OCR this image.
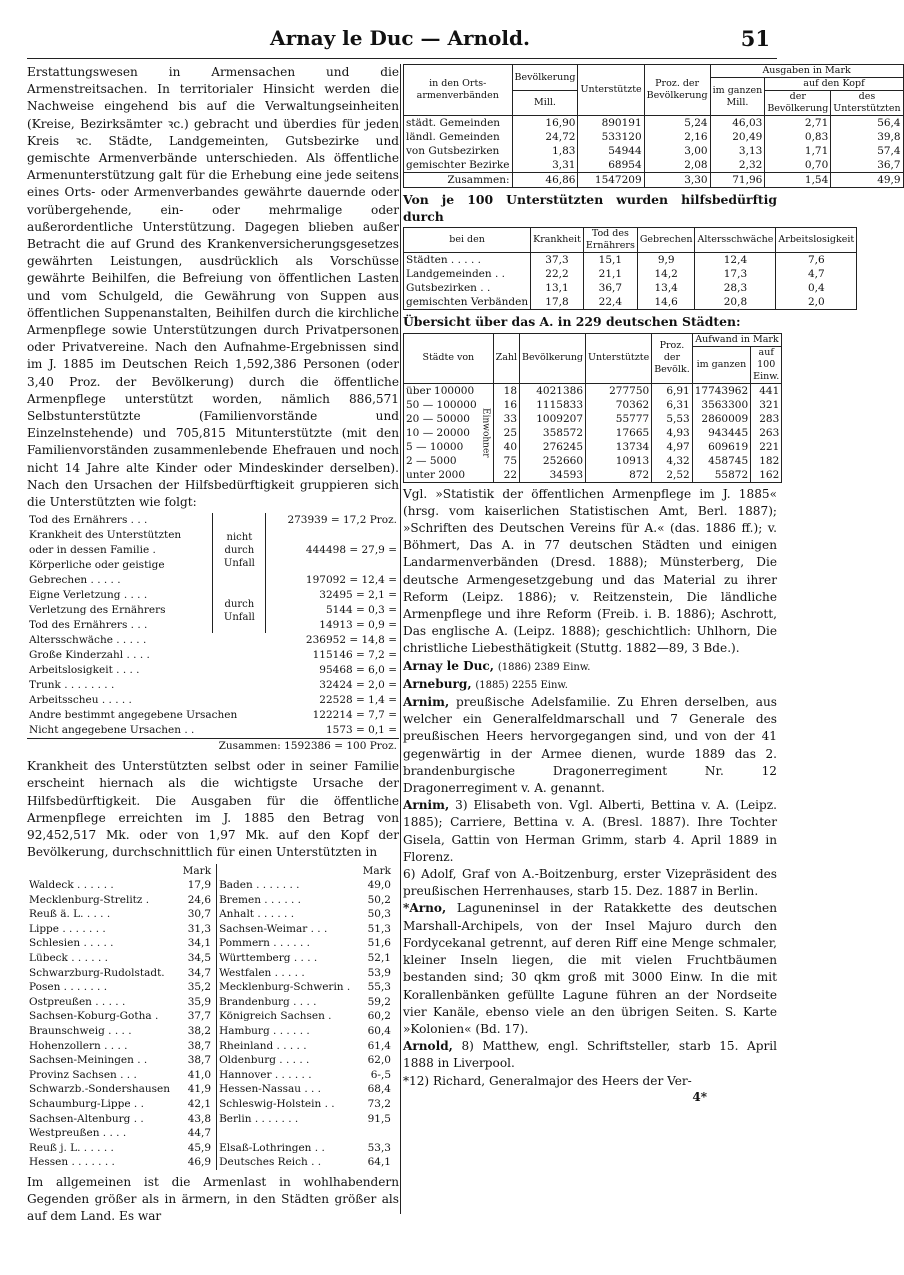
Arnay le Duc — Arnold.	51

Erstattungswesen in Armensachen und die Armenstreitsachen. In territorialer Hinsicht werden die Nachweise eingehend bis auf die Verwaltungseinheiten (Kreise, Bezirksämter ꝛc.) gebracht und überdies für jeden Kreis ꝛc. Städte, Landgemeinten, Gutsbezirke und gemischte Armenverbände unterschieden. Als öffentliche Armenunterstützung galt für die Erhebung eine jede seitens eines Orts- oder Armenverbandes gewährte dauernde oder vorübergehende, ein- oder mehrmalige oder außerordentliche Unterstützung. Dagegen blieben außer Betracht die auf Grund des Krankenversicherungsgesetzes gewährten Leistungen, ausdrücklich als Vorschüsse gewährte Beihilfen, die Befreiung von öffentlichen Lasten und vom Schulgeld, die Gewährung von Suppen aus öffentlichen Suppenanstalten, Beihilfen durch die kirchliche Armenpflege sowie Unterstützungen durch Privatpersonen oder Privatvereine. Nach den Aufnahme-Ergebnissen sind im J. 1885 im Deutschen Reich 1,592,386 Personen (oder 3,40 Proz. der Bevölkerung) durch die öffentliche Armenpflege unterstützt worden, nämlich 886,571 Selbstunterstützte (Familienvorstände und Einzelnstehende) und 705,815 Mitunterstützte (mit den Familienvorständen zusammenlebende Ehefrauen und noch nicht 14 Jahre alte Kinder oder Mindeskinder derselben). Nach den Ursachen der Hilfsbedürftigkeit gruppieren sich die Unterstützten wie folgt:

Tod des Ernährers . . .	nicht durch Unfall	273939 = 17,2 Proz.
Krankheit des Unterstützten		
oder in dessen Familie .		444498 = 27,9 =
Körperliche oder geistige		
Gebrechen . . . . .		197092 = 12,4 =
Eigne Verletzung . . . .	durch Unfall	32495 = 2,1 =
Verletzung des Ernährers		5144 = 0,3 =
Tod des Ernährers . . .		14913 = 0,9 =
Altersschwäche . . . . .		236952 = 14,8 =
Große Kinderzahl . . . .		115146 = 7,2 =
Arbeitslosigkeit . . . .		95468 = 6,0 =
Trunk . . . . . . . .		32424 = 2,0 =
Arbeitsscheu . . . . .		22528 = 1,4 =
Andre bestimmt angegebene Ursachen		122214 = 7,7 =
Nicht angegebene Ursachen . .		1573 = 0,1 =
Zusammen: 1592386 = 100 Proz.		

Krankheit des Unterstützten selbst oder in seiner Familie erscheint hiernach als die wichtigste Ursache der Hilfsbedürftigkeit. Die Ausgaben für die öffentliche Armenpflege erreichten im J. 1885 den Betrag von 92,452,517 Mk. oder von 1,97 Mk. auf den Kopf der Bevölkerung, durchschnittlich für einen Unterstützten in

	Mark		Mark
Waldeck . . . . . .	17,9	Baden . . . . . . .	49,0
Mecklenburg-Strelitz .	24,6	Bremen . . . . . .	50,2
Reuß ä. L. . . . .	30,7	Anhalt . . . . . .	50,3
Lippe . . . . . . .	31,3	Sachsen-Weimar . . .	51,3
Schlesien . . . . .	34,1	Pommern . . . . . .	51,6
Lübeck . . . . . .	34,5	Württemberg . . . .	52,1
Schwarzburg-Rudolstadt.	34,7	Westfalen . . . . .	53,9
Posen . . . . . . .	35,2	Mecklenburg-Schwerin .	55,3
Ostpreußen . . . . .	35,9	Brandenburg . . . .	59,2
Sachsen-Koburg-Gotha .	37,7	Königreich Sachsen .	60,2
Braunschweig . . . .	38,2	Hamburg . . . . . .	60,4
Hohenzollern . . . .	38,7	Rheinland . . . . .	61,4
Sachsen-Meiningen . .	38,7	Oldenburg . . . . .	62,0
Provinz Sachsen . . .	41,0	Hannover . . . . . .	6-,5
Schwarzb.-Sondershausen	41,9	Hessen-Nassau . . .	68,4
Schaumburg-Lippe . .	42,1	Schleswig-Holstein . .	73,2
Sachsen-Altenburg . .	43,8	Berlin . . . . . . .	91,5
Westpreußen . . . .	44,7		
Reuß j. L. . . . . .	45,9	Elsaß-Lothringen . .	53,3
Hessen . . . . . . .	46,9	Deutsches Reich . .	64,1

Im allgemeinen ist die Armenlast in wohlhabendern Gegenden größer als in ärmern, in den Städten größer als auf dem Land. Es war

in den Orts-armenverbänden	Bevölkerung	Unterstützte	Proz. der Bevölkerung	Ausgaben in Mark		
				im ganzen
Mill.	auf den Kopf	
	Mill.				der Bevölkerung	des Unterstützten
städt. Gemeinden	16,90	890191	5,24	46,03	2,71	56,4
ländl. Gemeinden	24,72	533120	2,16	20,49	0,83	39,8
von Gutsbezirken	1,83	54944	3,00	3,13	1,71	57,4
gemischter Bezirke	3,31	68954	2,08	2,32	0,70	36,7
Zusammen:	46,86	1547209	3,30	71,96	1,54	49,9
Von je 100 Unterstützten wurden hilfsbedürftig durch
bei den	Krankheit	Tod des Ernährers	Gebrechen	Altersschwäche	Arbeitslosigkeit
Städten . . . . .	37,3	15,1	9,9	12,4	7,6
Landgemeinden . .	22,2	21,1	14,2	17,3	4,7
Gutsbezirken . .	13,1	36,7	13,4	28,3	0,4
gemischten Verbänden	17,8	22,4	14,6	20,8	2,0
Übersicht über das A. in 229 deutschen Städten:
Städte von		Zahl	Bevölkerung	Unterstützte	Proz. der Bevölk.	Aufwand in Mark	
						im ganzen	auf 100 Einw.
über 100000	Einwohner	18	4021386	277750	6,91	17743962	441
50 — 100000		16	1115833	70362	6,31	3563300	321
20 — 50000		33	1009207	55777	5,53	2860009	283
10 — 20000		25	358572	17665	4,93	943445	263
5 — 10000		40	276245	13734	4,97	609619	221
2 — 5000		75	252660	10913	4,32	458745	182
unter 2000		22	34593	872	2,52	55872	162

Vgl. »Statistik der öffentlichen Armenpflege im J. 1885« (hrsg. vom kaiserlichen Statistischen Amt, Berl. 1887); »Schriften des Deutschen Vereins für A.« (das. 1886 ff.); v. Böhmert, Das A. in 77 deutschen Städten und einigen Landarmenverbänden (Dresd. 1888); Münsterberg, Die deutsche Armengesetzgebung und das Material zu ihrer Reform (Leipz. 1886); v. Reitzenstein, Die ländliche Armenpflege und ihre Reform (Freib. i. B. 1886); Aschrott, Das englische A. (Leipz. 1888); geschichtlich: Uhlhorn, Die christliche Liebesthätigkeit (Stuttg. 1882—89, 3 Bde.).

Arnay le Duc, (1886) 2389 Einw.

Arneburg, (1885) 2255 Einw.

Arnim, preußische Adelsfamilie. Zu Ehren derselben, aus welcher ein Generalfeldmarschall und 7 Generale des preußischen Heers hervorgegangen sind, und von der 41 gegenwärtig in der Armee dienen, wurde 1889 das 2. brandenburgische Dragonerregiment Nr. 12 Dragonerregiment v. A. genannt.

Arnim, 3) Elisabeth von. Vgl. Alberti, Bettina v. A. (Leipz. 1885); Carriere, Bettina v. A. (Bresl. 1887). Ihre Tochter Gisela, Gattin von Herman Grimm, starb 4. April 1889 in Florenz.

6) Adolf, Graf von A.-Boitzenburg, erster Vizepräsident des preußischen Herrenhauses, starb 15. Dez. 1887 in Berlin.

*Arno, Laguneninsel in der Ratakkette des deutschen Marshall-Archipels, von der Insel Majuro durch den Fordycekanal getrennt, auf deren Riff eine Menge schmaler, kleiner Inseln liegen, die mit vielen Fruchtbäumen bestanden sind; 30 qkm groß mit 3000 Einw. In die mit Korallenbänken gefüllte Lagune führen an der Nordseite vier Kanäle, ebenso viele an den übrigen Seiten. S. Karte »Kolonien« (Bd. 17).

Arnold, 8) Matthew, engl. Schriftsteller, starb 15. April 1888 in Liverpool.

*12) Richard, Generalmajor des Heers der Ver-

4*
